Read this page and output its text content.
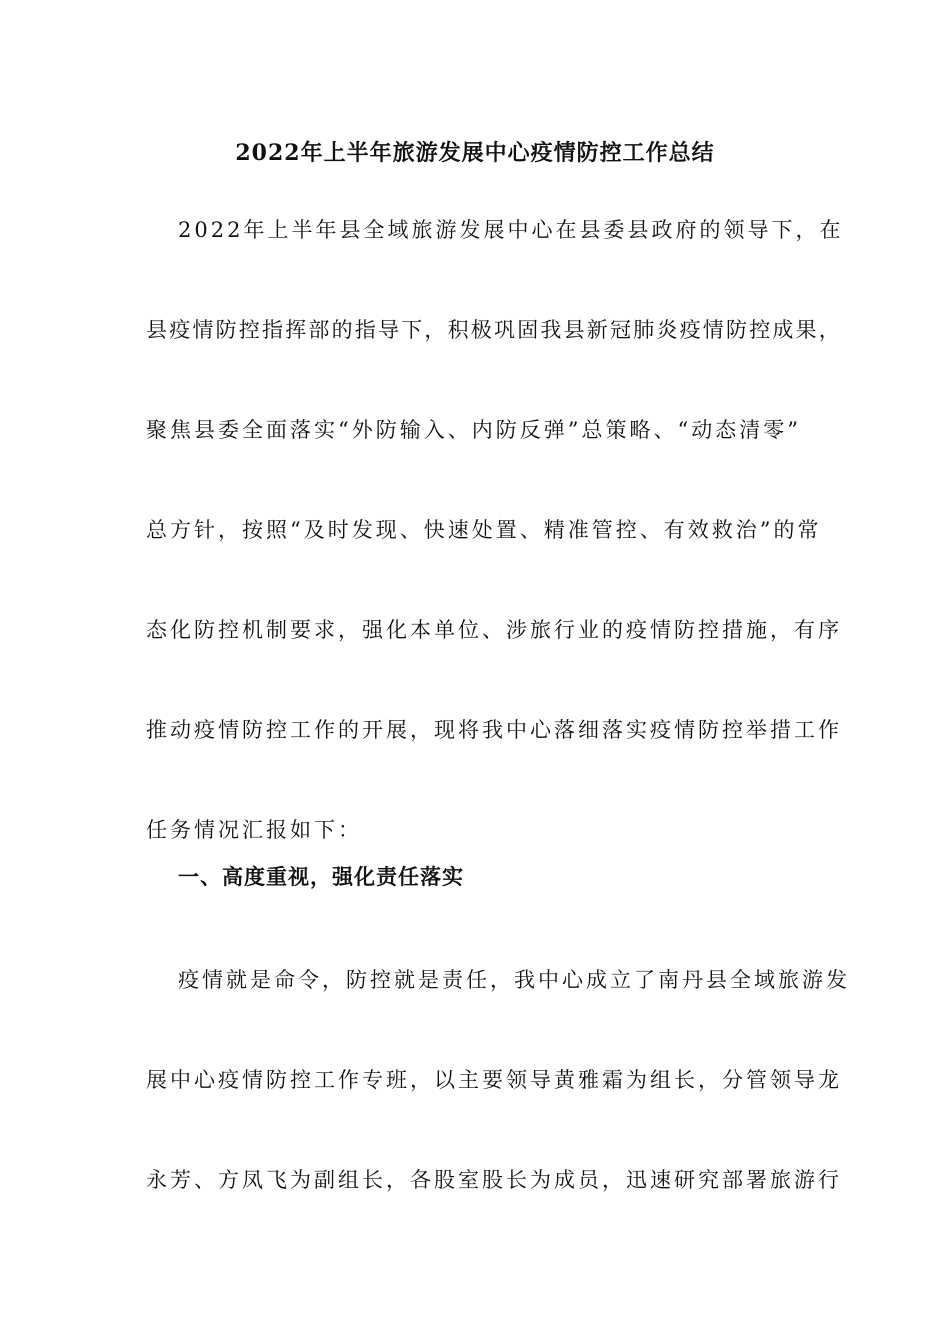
2022年上半年旅游发展中心疫情防控工作总结
2022年上半年县全域旅游发展中心在县委县政府的领导下，在
县疫情防控指挥部的指导下，积极巩固我县新冠肺炎疫情防控成果，
聚焦县委全面落实“外防输入、内防反弹”总策略、“动态清零”
总方针，按照“及时发现、快速处置、精准管控、有效救治”的常
态化防控机制要求，强化本单位、涉旅行业的疫情防控措施，有序
推动疫情防控工作的开展，现将我中心落细落实疫情防控举措工作
任务情况汇报如下：
一、高度重视，强化责任落实
疫情就是命令，防控就是责任，我中心成立了南丹县全域旅游发
展中心疫情防控工作专班，以主要领导黄雅霜为组长，分管领导龙
永芳、方凤飞为副组长，各股室股长为成员，迅速研究部署旅游行
